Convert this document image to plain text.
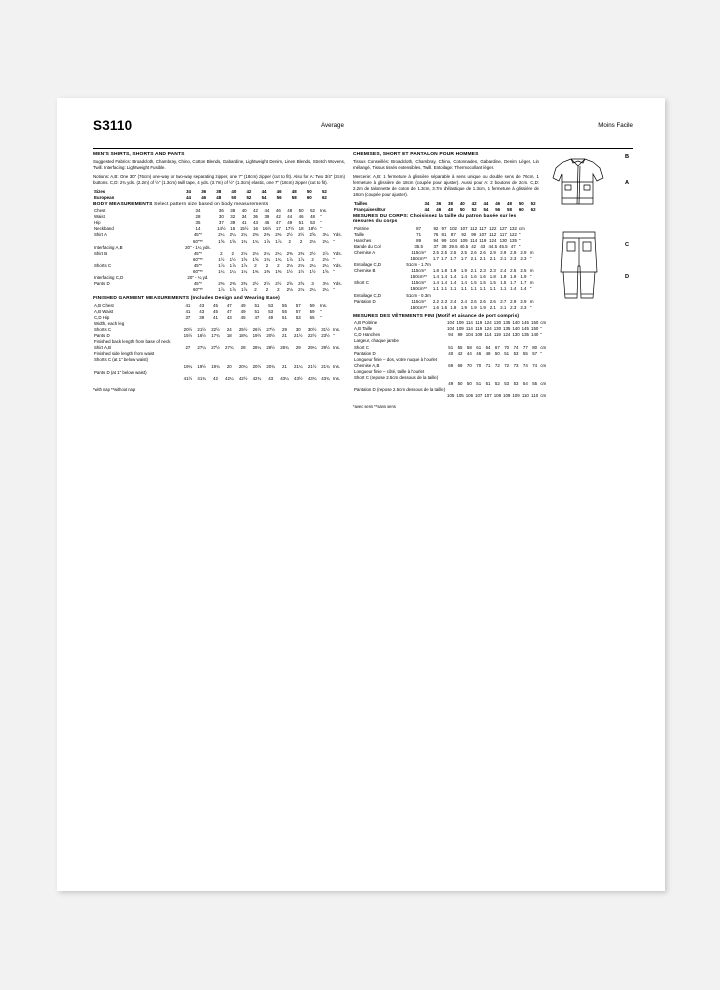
S3110	Average	Moins Facile
MEN'S SHIRTS, SHORTS AND PANTS
Suggested Fabrics: Broadcloth, Chambray, Chino, Cotton Blends, Gabardine, Lightweight Denim, Linen Blends, Stretch Wovens, Twill. Interfacing: Lightweight Fusible.
Notions: A,B: One 30" (76cm) one-way or two-way separating zipper, one 7" (18cm) zipper (cut to fit). Also for A: Two 3/4" (2cm) buttons. C,D: 2¾ yds. (2.2m) of ½" (1.3cm) twill tape, 4 yds. (3.7m) of ½" (1.3cm) elastic, one 7" (18cm) zipper (cut to fit).
Sizes	34	36	38	40	42	44	46	48	50	52	
European	44	46	48	50	52	54	56	58	60	62	
BODY MEASUREMENTS Select pattern size based on body measurements
Chest	34	36	38	40	42	44	46	48	50	52	Ins.	
Waist	28	30	32	34	36	39	42	44	46	48	"	
Hip	35	37	39	41	43	45	47	49	51	53	"	
Neckband	14	14½	15	15½	16	16½	17	17½	18	18½	"	
Shirt A	45"*	2¼	2¼	2¼	2⅜	2⅜	2⅜	2½	2½	2⅝	3¼	Yds.
	60"**	1⅝	1⅝	1¾	1¾	1⅞	1⅞	2	2	2⅛	2¼	"
Interfacing A,B	20" - 1¼ yds.											
Shirt B	45"*	2	2	2⅛	2⅛	2¼	2¼	2⅜	2⅜	2½	2⅞	Yds.
	60"**	1½	1½	1⅝	1⅝	1¾	1¾	1⅞	1⅞	2	2⅛	"
Shorts C	45"*	1⅞	1⅞	1⅞	2	2	2	2⅛	2⅛	2¼	2¼	Yds.
	60"**	1¼	1¼	1¼	1⅜	1⅜	1⅜	1½	1½	1½	1⅝	"
Interfacing C,D	20" - ¼ yd.											
Pants D	45"*	2⅜	2⅜	2⅜	2½	2½	2½	2⅝	2⅝	3	3⅛	Yds.
	60"**	1⅞	1⅞	1⅞	2	2	2	2⅛	2⅛	2¼	2¼	"
FINISHED GARMENT MEASUREMENTS (Includes Design and Wearing Ease)
A,B Chest	41	43	45	47	49	51	53	55	57	59	Ins.	
A,B Waist	41	43	45	47	49	51	53	55	57	59	"	
C,D Hip	37	39	41	43	45	47	49	51	53	55	"	
Width, each leg												
Shorts C	20½	21½	22½	24	25½	26½	27½	29	30	30½	31½	Ins.
Pants D	15½	16½	17¾	18	18¾	19½	20½	21	21½	22½	23½	"
Finished back length from base of neck												
Shirt A,B	27	27¼	27½	27¾	28	28¼	28½	28¾	29	29¼	29½	Ins.
Finished side length from waist												
Shorts C (at 1" below waist)												
	19¼	19½	19¾	20	20¼	20½	20¾	21	21¼	21½	21¾	Ins.
Pants D (at 1" below waist)												
	41½	41¾	42	42¼	42½	42¾	43	43¼	43½	43¾	43¾	Ins.
*with nap **without nap
CHEMISES, SHORT ET PANTALON POUR HOMMES
Tissus Conseillés: Broadcloth, Chambray, Chino, Cotonnades, Gabardine, Denim Léger, Lin mélangé, Tissus tissés extensibles, Twill. Entoilage: Thermocollant léger.
Mercerie: A,B: 1 fermeture à glissière séparable à sens unique ou double sens de 76cm, 1 fermeture à glissière de 18cm (coupée pour ajuster). Aussi pour A: 2 boutons de 2cm. C,D: 2.2m de talonnette de coton de 1.3cm, 3.7m d'élastique de 1.3cm, 1 fermeture à glissière de 18cm (coupée pour ajuster).
Tailles	34	36	38	40	42	44	46	48	50	52
Françaises/Eur	44	46	48	50	52	54	56	58	60	62
MESURES DU CORPS: Choisissez la taille du patron basée sur les mesures du corps
Poitrine	87	92	97	102	107	112	117	122	127	132	cm	
Taille	71	76	81	87	92	99	107	112	117	122	"	
Hanches	89	94	99	104	109	114	119	124	130	135	"	
Bande du Col	35.5	37	38	39.5	40.5	42	43	44.5	45.5	47	"	
Chemise A	115cm*	2.5	2.5	2.5	2.5	2.6	2.6	2.9	2.9	2.9	2.9	m
	150cm**	1.7	1.7	1.7	1.7	2.1	2.1	2.1	2.1	2.3	2.3	"
Entoilage C,D	51cm - 1.7m											
Chemise B	115cm*	1.8	1.8	1.9	1.9	2.1	2.3	2.3	2.4	2.5	2.5	m
	150cm**	1.4	1.4	1.4	1.4	1.6	1.6	1.8	1.8	1.9	1.9	"
Short C	115cm*	1.4	1.4	1.4	1.4	1.5	1.5	1.5	1.5	1.7	1.7	m
	150cm**	1.1	1.1	1.1	1.1	1.1	1.1	1.1	1.1	1.4	1.4	"
Entoilage C,D	51cm - 0.3m											
Pantalon D	115cm*	2.2	2.3	2.4	2.4	2.6	2.6	2.6	2.7	2.9	2.9	m
	150cm**	1.6	1.6	1.8	1.9	1.9	1.9	2.1	2.1	2.3	2.3	"
MESURES DES VÊTEMENTS FINI (Motif et aisance de port compris)
A,B Poitrine	104	109	114	119	124	130	135	140	145	150	cm
A,B Taille	104	109	114	119	124	130	135	140	145	150	"
C,D Hanches	94	99	104	109	114	119	124	130	135	140	"
Largeur, chaque jambe											
Short C	51	55	58	61	64	67	70	74	77	80	cm
Pantalon D	40	42	44	46	48	50	51	53	55	57	"
Longueur finie – dos, votre nuque à l'ourlet											
Chemise A,B	69	69	70	70	71	72	72	73	74	74	cm
Longueur finie – côté, taille à l'ourlet											
Short C (repose 2.5cm dessous de la taille)											
	49	50	50	51	51	52	53	53	54	55	cm
Pantalon D (repose 2.5cm dessous de la taille)											
	105	105	106	107	107	108	109	109	110	110	cm
*avec sens **sans sens
B
A
C
D
